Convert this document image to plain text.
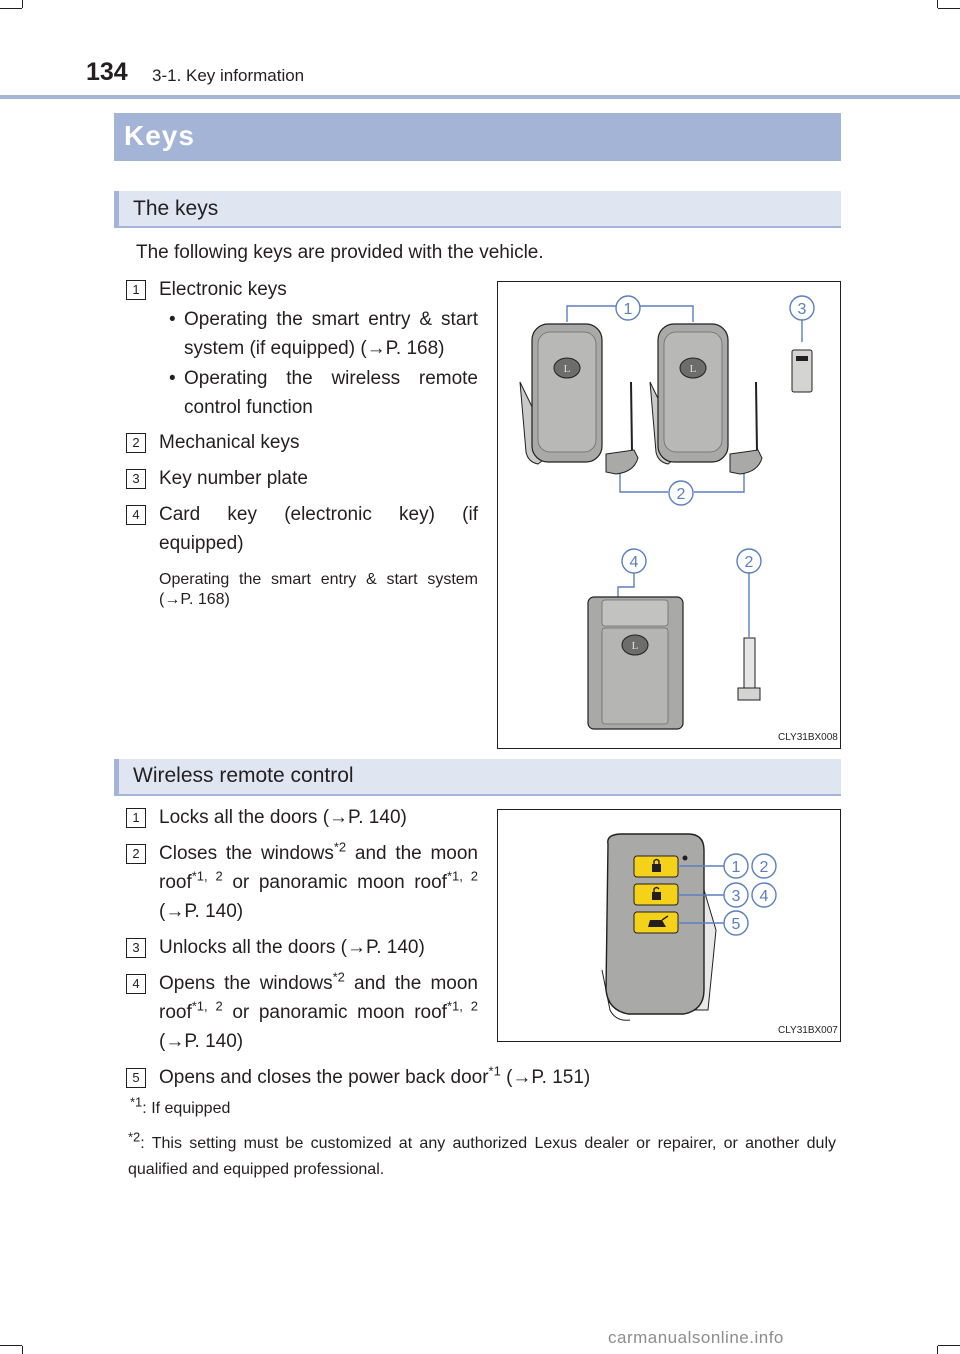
134 3-1. Key information
Keys
The keys
The following keys are provided with the vehicle.
1	Electronic keys
• Operating the smart entry & start system (if equipped) (→P. 168)
• Operating the wireless remote control function
2	Mechanical keys
3	Key number plate
4	Card key (electronic key) (if equipped)
Operating the smart entry & start system (→P. 168)
1	3
2
4	2
L	L
L
CLY31BX008
Wireless remote control
1	Locks all the doors (→P. 140)
2	Closes the windows$^{*2}$ and the moon roof$^{*1, 2}$ or panoramic moon roof$^{*1, 2}$ (→P. 140)
3	Unlocks all the doors (→P. 140)
4	Opens the windows$^{*2}$ and the moon roof$^{*1, 2}$ or panoramic moon roof$^{*1, 2}$ (→P. 140)
5	Opens and closes the power back door$^{*1}$ (→P. 151)
1 2
3 4
5
CLY31BX007
$^{*1}$: If equipped
$^{*2}$: This setting must be customized at any authorized Lexus dealer or repairer, or another duly qualified and equipped professional.
carmanualsonline.info
